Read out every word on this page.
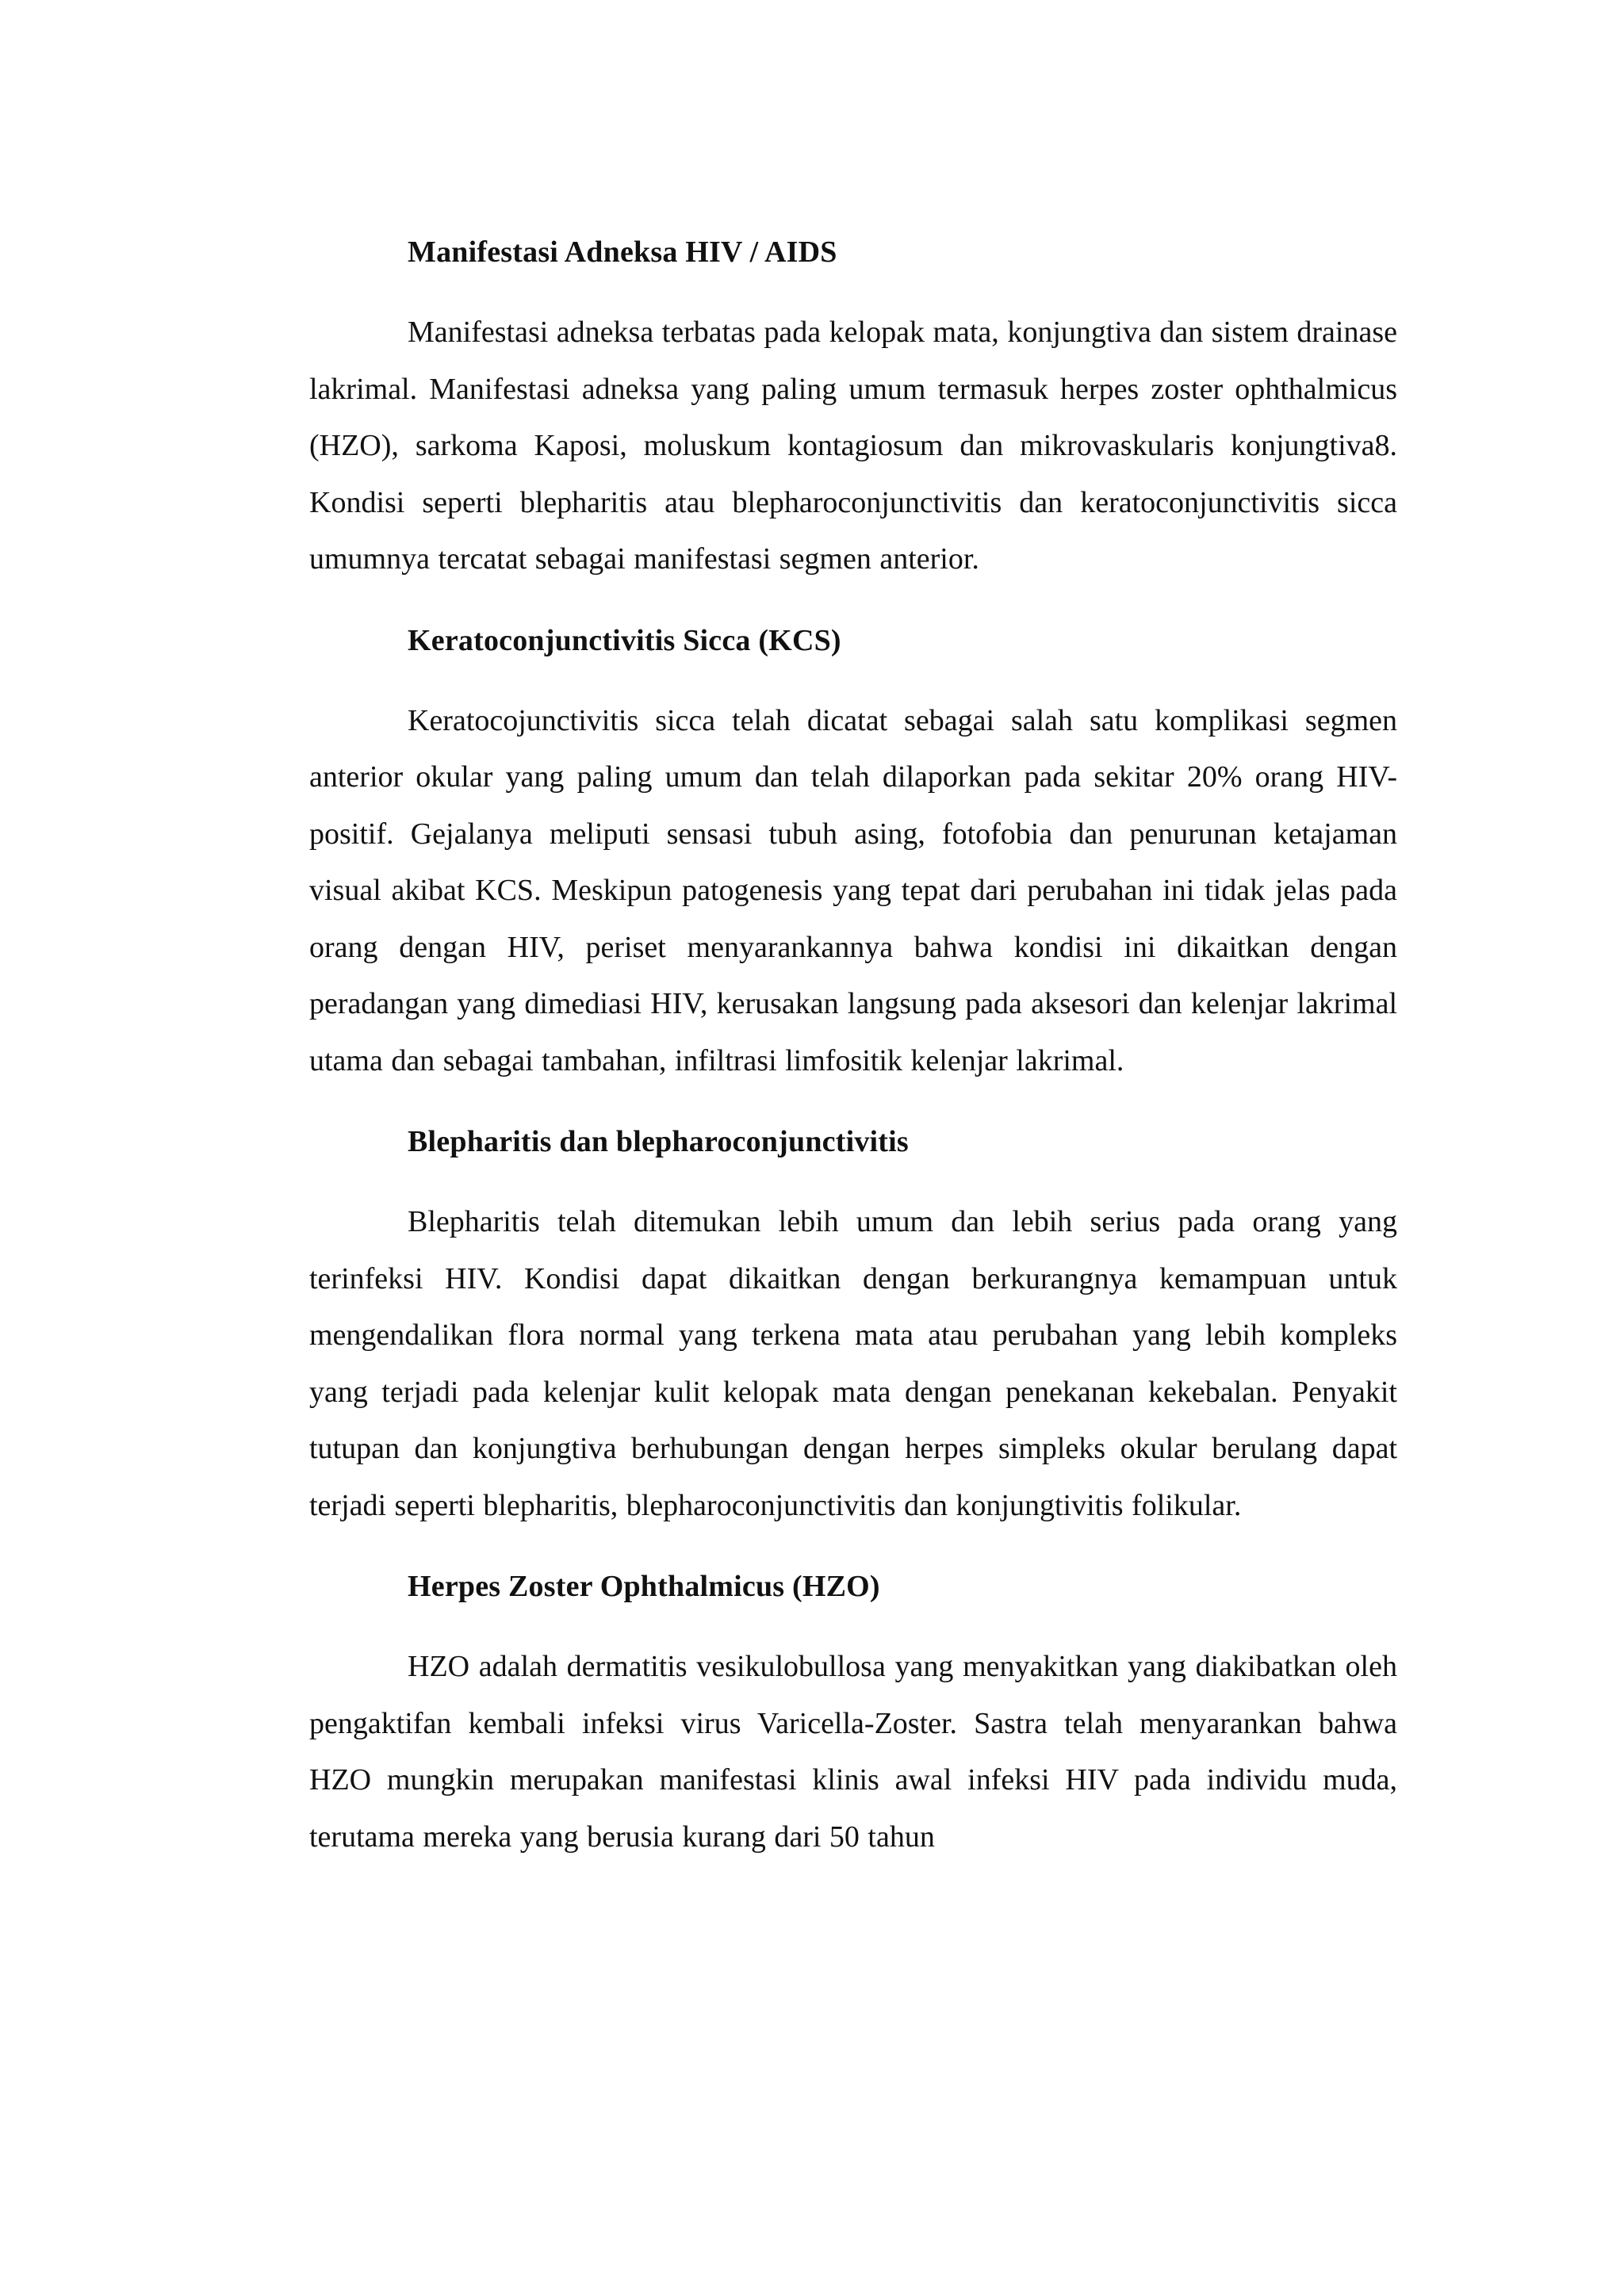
Manifestasi Adneksa HIV / AIDS

Manifestasi adneksa terbatas pada kelopak mata, konjungtiva dan sistem drainase lakrimal. Manifestasi adneksa yang paling umum termasuk herpes zoster ophthalmicus (HZO), sarkoma Kaposi, moluskum kontagiosum dan mikrovaskularis konjungtiva8. Kondisi seperti blepharitis atau blepharoconjunctivitis dan keratoconjunctivitis sicca umumnya tercatat sebagai manifestasi segmen anterior.

Keratoconjunctivitis Sicca (KCS)

Keratocojunctivitis sicca telah dicatat sebagai salah satu komplikasi segmen anterior okular yang paling umum dan telah dilaporkan pada sekitar 20% orang HIV-positif. Gejalanya meliputi sensasi tubuh asing, fotofobia dan penurunan ketajaman visual akibat KCS. Meskipun patogenesis yang tepat dari perubahan ini tidak jelas pada orang dengan HIV, periset menyarankannya bahwa kondisi ini dikaitkan dengan peradangan yang dimediasi HIV, kerusakan langsung pada aksesori dan kelenjar lakrimal utama dan sebagai tambahan, infiltrasi limfositik kelenjar lakrimal.

Blepharitis dan blepharoconjunctivitis

Blepharitis telah ditemukan lebih umum dan lebih serius pada orang yang terinfeksi HIV. Kondisi dapat dikaitkan dengan berkurangnya kemampuan untuk mengendalikan flora normal yang terkena mata atau perubahan yang lebih kompleks yang terjadi pada kelenjar kulit kelopak mata dengan penekanan kekebalan. Penyakit tutupan dan konjungtiva berhubungan dengan herpes simpleks okular berulang dapat terjadi seperti blepharitis, blepharoconjunctivitis dan konjungtivitis folikular.

Herpes Zoster Ophthalmicus (HZO)

HZO adalah dermatitis vesikulobullosa yang menyakitkan yang diakibatkan oleh pengaktifan kembali infeksi virus Varicella-Zoster. Sastra telah menyarankan bahwa HZO mungkin merupakan manifestasi klinis awal infeksi HIV pada individu muda, terutama mereka yang berusia kurang dari 50 tahun
